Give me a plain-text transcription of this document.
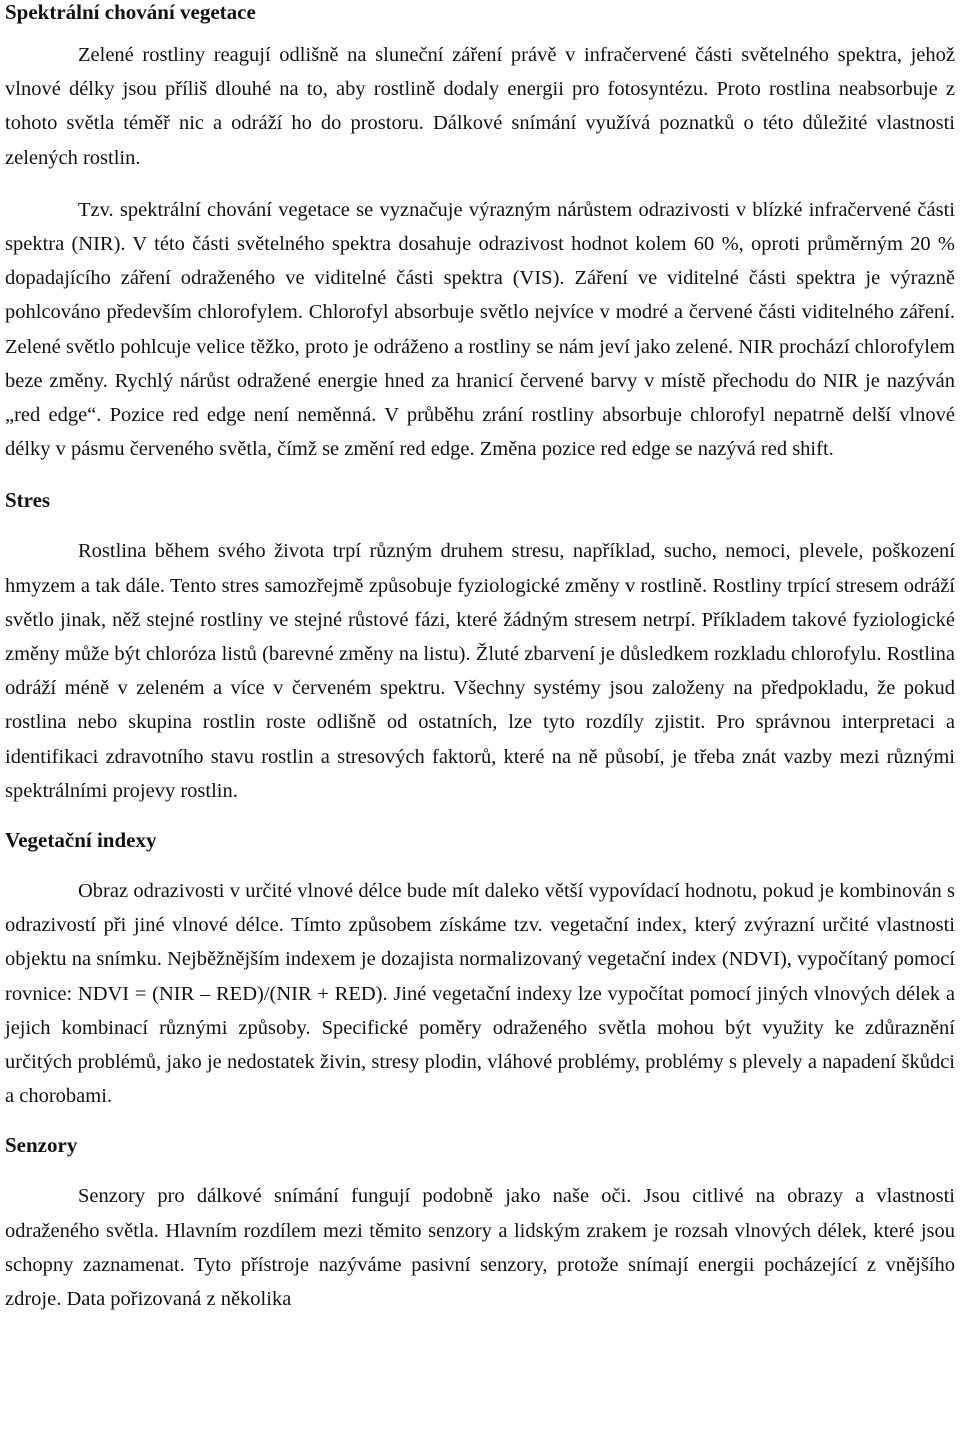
Spektrální chování vegetace

Zelené rostliny reagují odlišně na sluneční záření právě v infračervené části světelného spektra, jehož vlnové délky jsou příliš dlouhé na to, aby rostlině dodaly energii pro fotosyntézu. Proto rostlina neabsorbuje z tohoto světla téměř nic a odráží ho do prostoru. Dálkové snímání využívá poznatků o této důležité vlastnosti zelených rostlin.

Tzv. spektrální chování vegetace se vyznačuje výrazným nárůstem odrazivosti v blízké infračervené části spektra (NIR). V této části světelného spektra dosahuje odrazivost hodnot kolem 60 %, oproti průměrným 20 % dopadajícího záření odraženého ve viditelné části spektra (VIS). Záření ve viditelné části spektra je výrazně pohlcováno především chlorofylem. Chlorofyl absorbuje světlo nejvíce v modré a červené části viditelného záření. Zelené světlo pohlcuje velice těžko, proto je odráženo a rostliny se nám jeví jako zelené. NIR prochází chlorofylem beze změny. Rychlý nárůst odražené energie hned za hranicí červené barvy v místě přechodu do NIR je nazýván „red edge“. Pozice red edge není neměnná. V průběhu zrání rostliny absorbuje chlorofyl nepatrně delší vlnové délky v pásmu červeného světla, čímž se změní red edge. Změna pozice red edge se nazývá red shift.

Stres

Rostlina během svého života trpí různým druhem stresu, například, sucho, nemoci, plevele, poškození hmyzem a tak dále. Tento stres samozřejmě způsobuje fyziologické změny v rostlině. Rostliny trpící stresem odráží světlo jinak, něž stejné rostliny ve stejné růstové fázi, které žádným stresem netrpí. Příkladem takové fyziologické změny může být chloróza listů (barevné změny na listu). Žluté zbarvení je důsledkem rozkladu chlorofylu. Rostlina odráží méně v zeleném a více v červeném spektru. Všechny systémy jsou založeny na předpokladu, že pokud rostlina nebo skupina rostlin roste odlišně od ostatních, lze tyto rozdíly zjistit. Pro správnou interpretaci a identifikaci zdravotního stavu rostlin a stresových faktorů, které na ně působí, je třeba znát vazby mezi různými spektrálními projevy rostlin.

Vegetační indexy

Obraz odrazivosti v určité vlnové délce bude mít daleko větší vypovídací hodnotu, pokud je kombinován s odrazivostí při jiné vlnové délce. Tímto způsobem získáme tzv. vegetační index, který zvýrazní určité vlastnosti objektu na snímku. Nejběžnějším indexem je dozajista normalizovaný vegetační index (NDVI), vypočítaný pomocí rovnice: NDVI = (NIR – RED)/(NIR + RED). Jiné vegetační indexy lze vypočítat pomocí jiných vlnových délek a jejich kombinací různými způsoby. Specifické poměry odraženého světla mohou být využity ke zdůraznění určitých problémů, jako je nedostatek živin, stresy plodin, vláhové problémy, problémy s plevely a napadení škůdci a chorobami.

Senzory

Senzory pro dálkové snímání fungují podobně jako naše oči. Jsou citlivé na obrazy a vlastnosti odraženého světla. Hlavním rozdílem mezi těmito senzory a lidským zrakem je rozsah vlnových délek, které jsou schopny zaznamenat. Tyto přístroje nazýváme pasivní senzory, protože snímají energii pocházející z vnějšího zdroje. Data pořizovaná z několika
